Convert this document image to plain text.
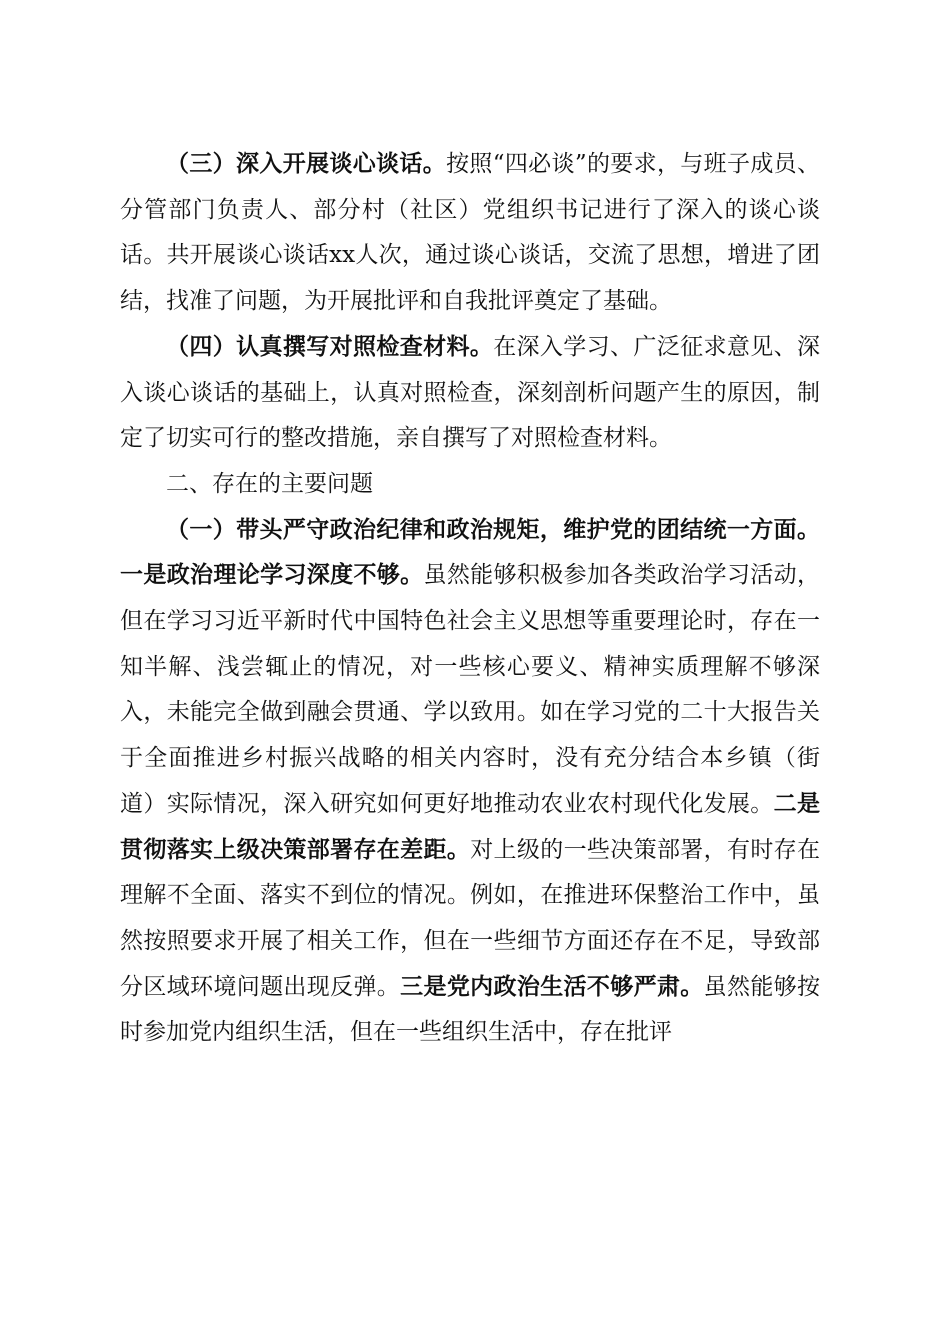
（三）深入开展谈心谈话。按照“四必谈”的要求，与班子成员、分管部门负责人、部分村（社区）党组织书记进行了深入的谈心谈话。共开展谈心谈话xx人次，通过谈心谈话，交流了思想，增进了团结，找准了问题，为开展批评和自我批评奠定了基础。

（四）认真撰写对照检查材料。在深入学习、广泛征求意见、深入谈心谈话的基础上，认真对照检查，深刻剖析问题产生的原因，制定了切实可行的整改措施，亲自撰写了对照检查材料。

二、存在的主要问题

（一）带头严守政治纪律和政治规矩，维护党的团结统一方面。一是政治理论学习深度不够。虽然能够积极参加各类政治学习活动，但在学习习近平新时代中国特色社会主义思想等重要理论时，存在一知半解、浅尝辄止的情况，对一些核心要义、精神实质理解不够深入，未能完全做到融会贯通、学以致用。如在学习党的二十大报告关于全面推进乡村振兴战略的相关内容时，没有充分结合本乡镇（街道）实际情况，深入研究如何更好地推动农业农村现代化发展。二是贯彻落实上级决策部署存在差距。对上级的一些决策部署，有时存在理解不全面、落实不到位的情况。例如，在推进环保整治工作中，虽然按照要求开展了相关工作，但在一些细节方面还存在不足，导致部分区域环境问题出现反弹。三是党内政治生活不够严肃。虽然能够按时参加党内组织生活，但在一些组织生活中，存在批评
